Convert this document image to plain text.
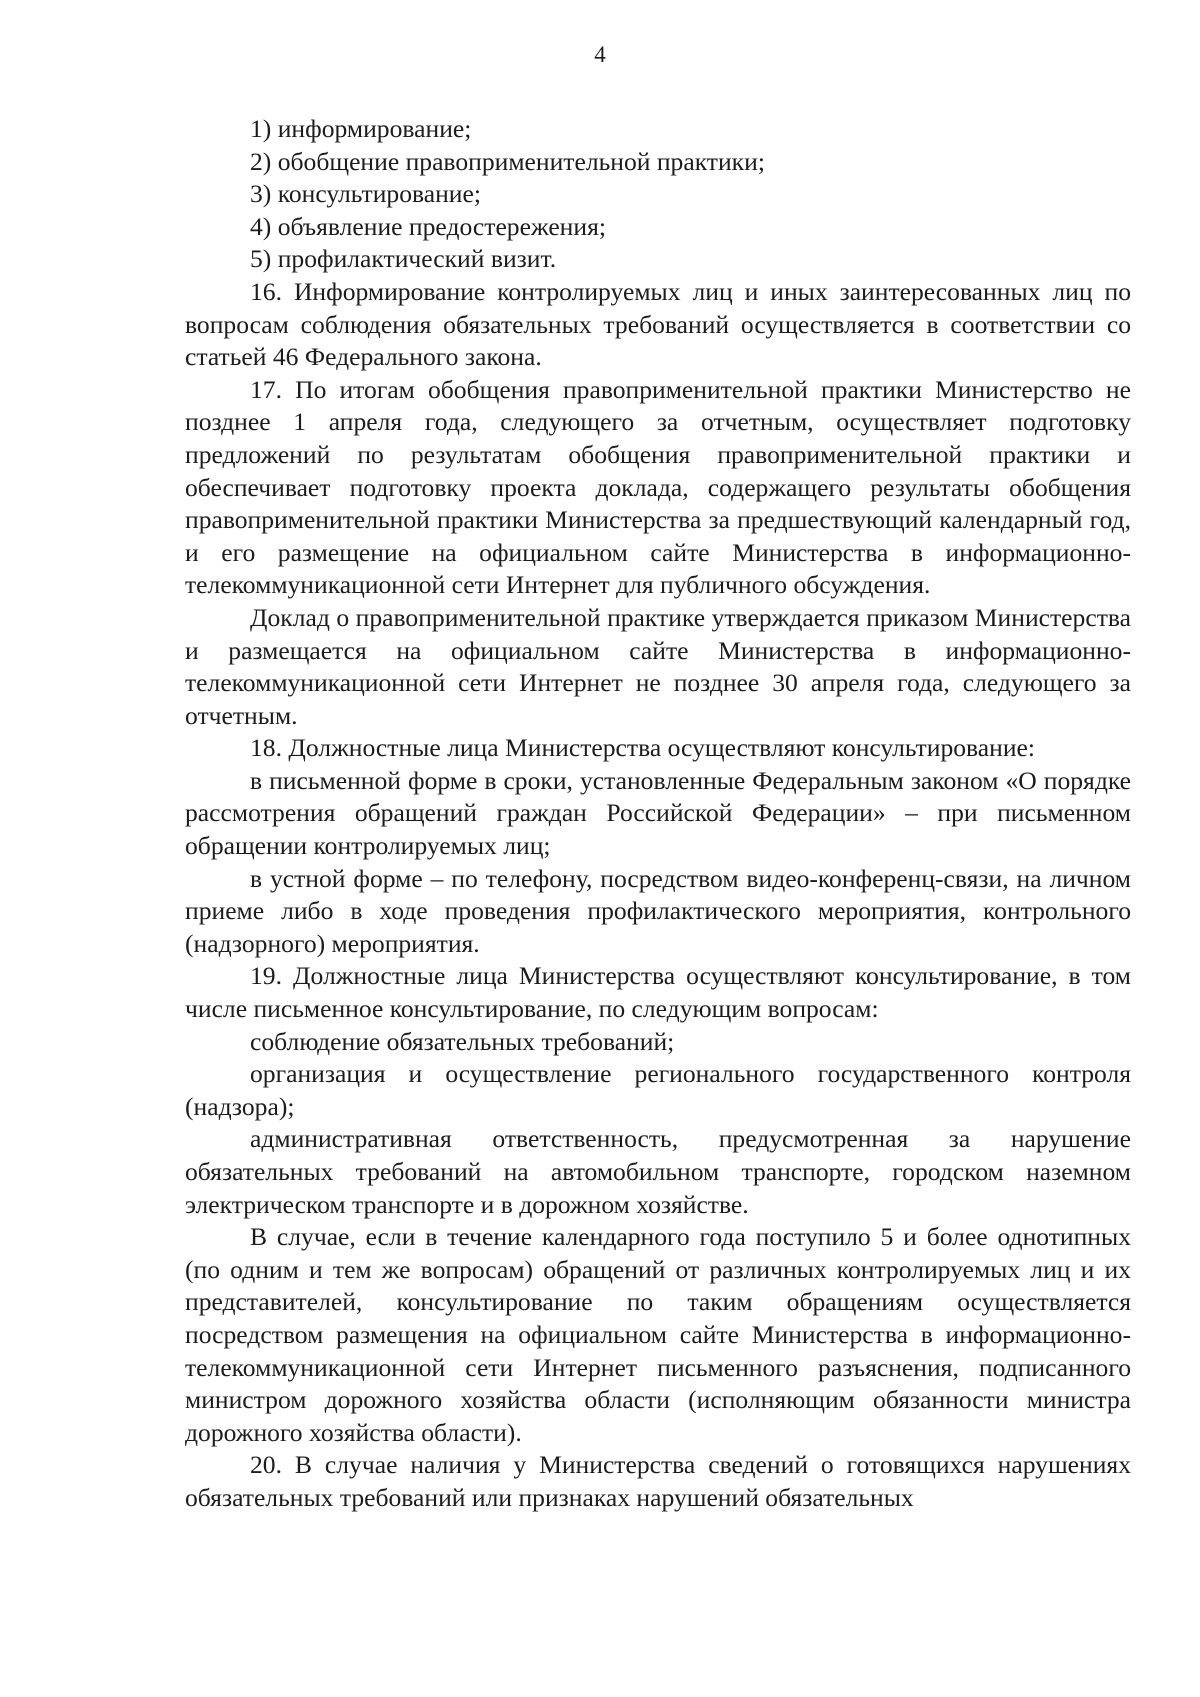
4

1) информирование;

2) обобщение правоприменительной практики;

3) консультирование;

4) объявление предостережения;

5) профилактический визит.

16. Информирование контролируемых лиц и иных заинтересованных лиц по вопросам соблюдения обязательных требований осуществляется в соответствии со статьей 46 Федерального закона.

17. По итогам обобщения правоприменительной практики Министерство не позднее 1 апреля года, следующего за отчетным, осуществляет подготовку предложений по результатам обобщения правоприменительной практики и обеспечивает подготовку проекта доклада, содержащего результаты обобщения правоприменительной практики Министерства за предшествующий календарный год, и его размещение на официальном сайте Министерства в информационно-телекоммуникационной сети Интернет для публичного обсуждения.

Доклад о правоприменительной практике утверждается приказом Министерства и размещается на официальном сайте Министерства в информационно-телекоммуникационной сети Интернет не позднее 30 апреля года, следующего за отчетным.

18. Должностные лица Министерства осуществляют консультирование:

в письменной форме в сроки, установленные Федеральным законом «О порядке рассмотрения обращений граждан Российской Федерации» – при письменном обращении контролируемых лиц;

в устной форме – по телефону, посредством видео-конференц-связи, на личном приеме либо в ходе проведения профилактического мероприятия, контрольного (надзорного) мероприятия.

19. Должностные лица Министерства осуществляют консультирование, в том числе письменное консультирование, по следующим вопросам:

соблюдение обязательных требований;

организация и осуществление регионального государственного контроля (надзора);

административная ответственность, предусмотренная за нарушение обязательных требований на автомобильном транспорте, городском наземном электрическом транспорте и в дорожном хозяйстве.

В случае, если в течение календарного года поступило 5 и более однотипных (по одним и тем же вопросам) обращений от различных контролируемых лиц и их представителей, консультирование по таким обращениям осуществляется посредством размещения на официальном сайте Министерства в информационно-телекоммуникационной сети Интернет письменного разъяснения, подписанного министром дорожного хозяйства области (исполняющим обязанности министра дорожного хозяйства области).

20. В случае наличия у Министерства сведений о готовящихся нарушениях обязательных требований или признаках нарушений обязательных
